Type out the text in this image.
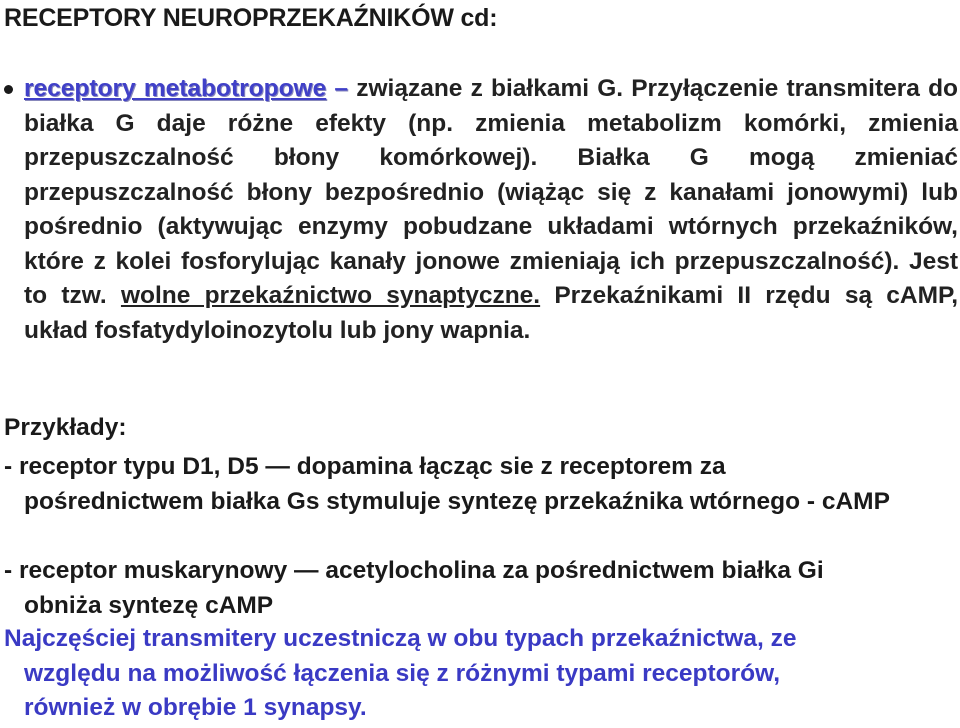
RECEPTORY NEUROPRZEKAŹNIKÓW cd:
receptory metabotropowe – związane z białkami G. Przyłączenie transmitera do białka G daje różne efekty (np. zmienia metabolizm komórki, zmienia przepuszczalność błony komórkowej). Białka G mogą zmieniać przepuszczalność błony bezpośrednio (wiążąc się z kanałami jonowymi) lub pośrednio (aktywując enzymy pobudzane układami wtórnych przekaźników, które z kolei fosforylując kanały jonowe zmieniają ich przepuszczalność). Jest to tzw. wolne przekaźnictwo synaptyczne. Przekaźnikami II rzędu są cAMP, układ fosfatydyloinozytolu lub jony wapnia.
Przykłady:
- receptor typu D1, D5 — dopamina łącząc sie z receptorem za
pośrednictwem białka Gs stymuluje syntezę przekaźnika wtórnego - cAMP
- receptor muskarynowy — acetylocholina za pośrednictwem białka Gi
obniża syntezę cAMP
Najczęściej transmitery uczestniczą w obu typach przekaźnictwa, ze
względu na możliwość łączenia się z różnymi typami receptorów,
również w obrębie 1 synapsy.
